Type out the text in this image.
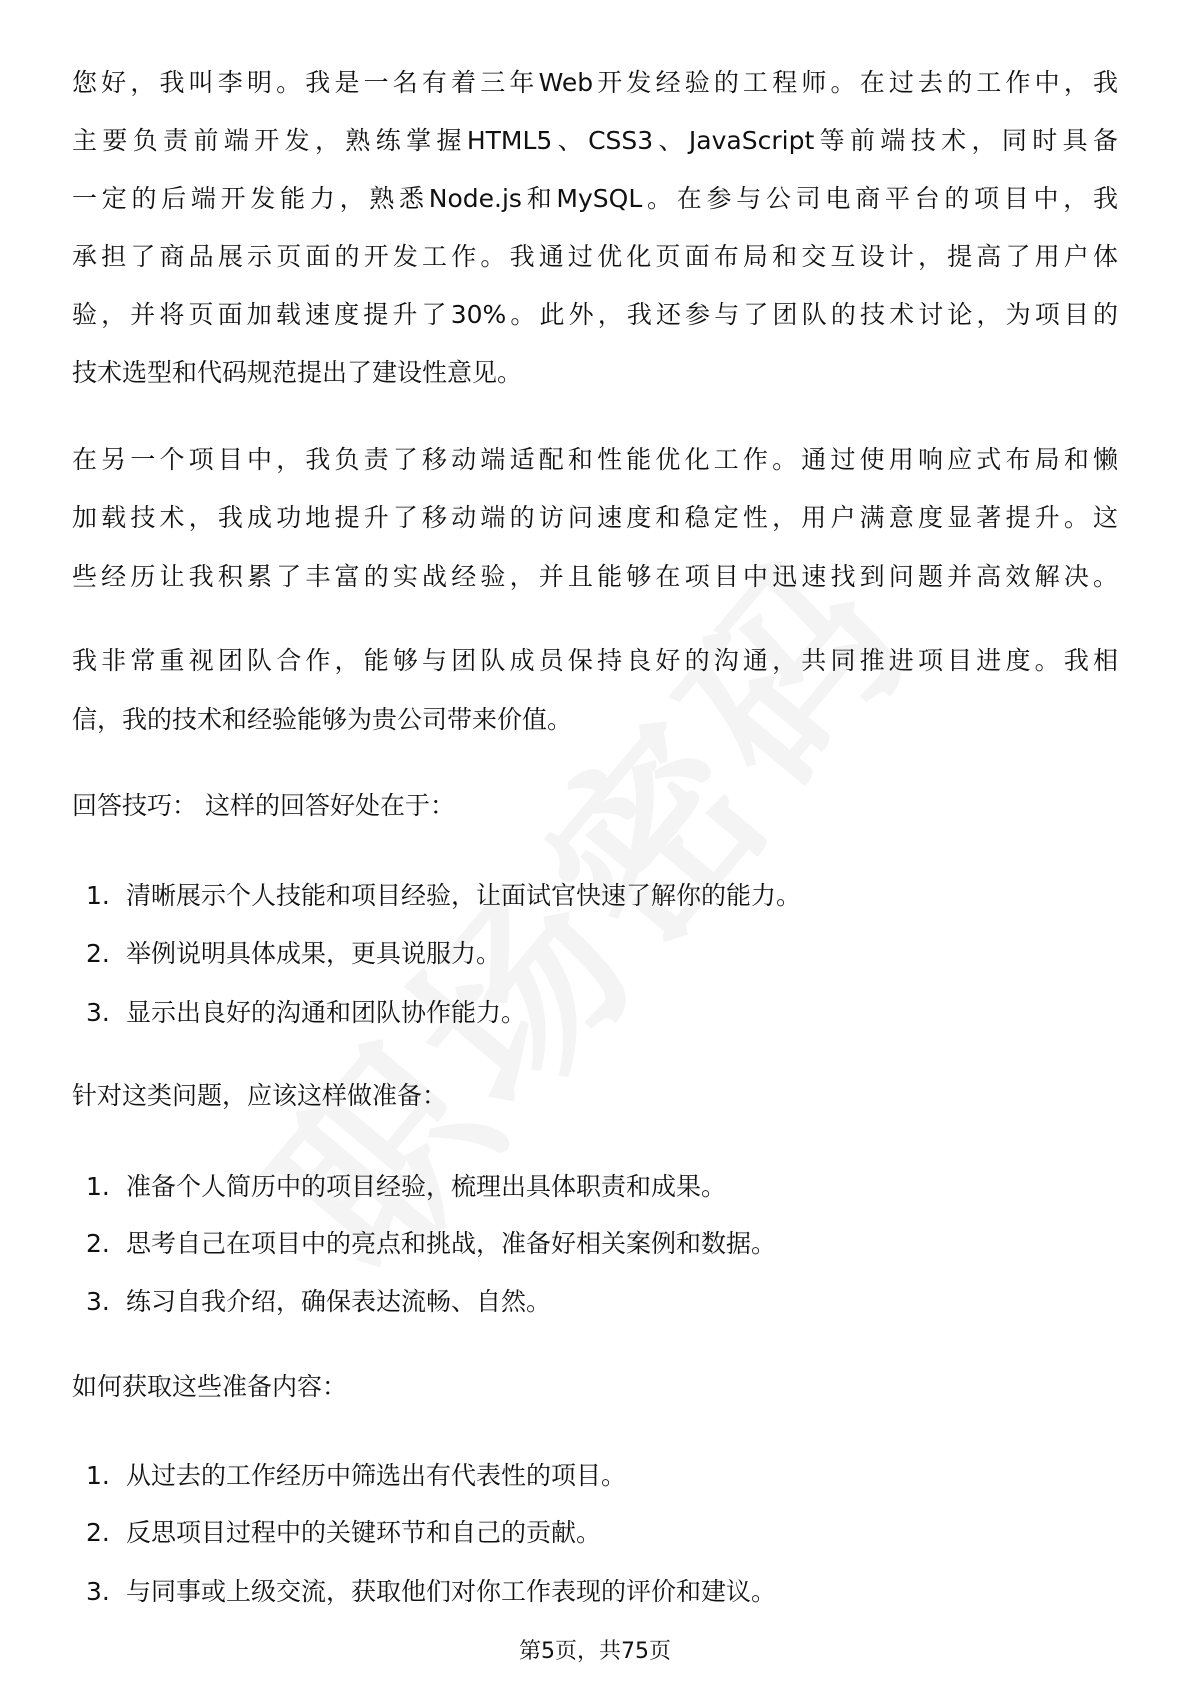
您好，我叫李明。我是一名有着三年Web开发经验的工程师。在过去的工作中，我
主要负责前端开发，熟练掌握HTML5、CSS3、JavaScript等前端技术，同时具备
一定的后端开发能力，熟悉Node.js和MySQL。在参与公司电商平台的项目中，我
承担了商品展示页面的开发工作。我通过优化页面布局和交互设计，提高了用户体
验，并将页面加载速度提升了30%。此外，我还参与了团队的技术讨论，为项目的
技术选型和代码规范提出了建设性意见。
在另一个项目中，我负责了移动端适配和性能优化工作。通过使用响应式布局和懒
加载技术，我成功地提升了移动端的访问速度和稳定性，用户满意度显著提升。这
些经历让我积累了丰富的实战经验，并且能够在项目中迅速找到问题并高效解决。
我非常重视团队合作，能够与团队成员保持良好的沟通，共同推进项目进度。我相
信，我的技术和经验能够为贵公司带来价值。
回答技巧： 这样的回答好处在于：
1. 清晰展示个人技能和项目经验，让面试官快速了解你的能力。
2. 举例说明具体成果，更具说服力。
3. 显示出良好的沟通和团队协作能力。
针对这类问题，应该这样做准备：
1. 准备个人简历中的项目经验，梳理出具体职责和成果。
2. 思考自己在项目中的亮点和挑战，准备好相关案例和数据。
3. 练习自我介绍，确保表达流畅、自然。
如何获取这些准备内容：
1. 从过去的工作经历中筛选出有代表性的项目。
2. 反思项目过程中的关键环节和自己的贡献。
3. 与同事或上级交流，获取他们对你工作表现的评价和建议。
第5页，共75页
